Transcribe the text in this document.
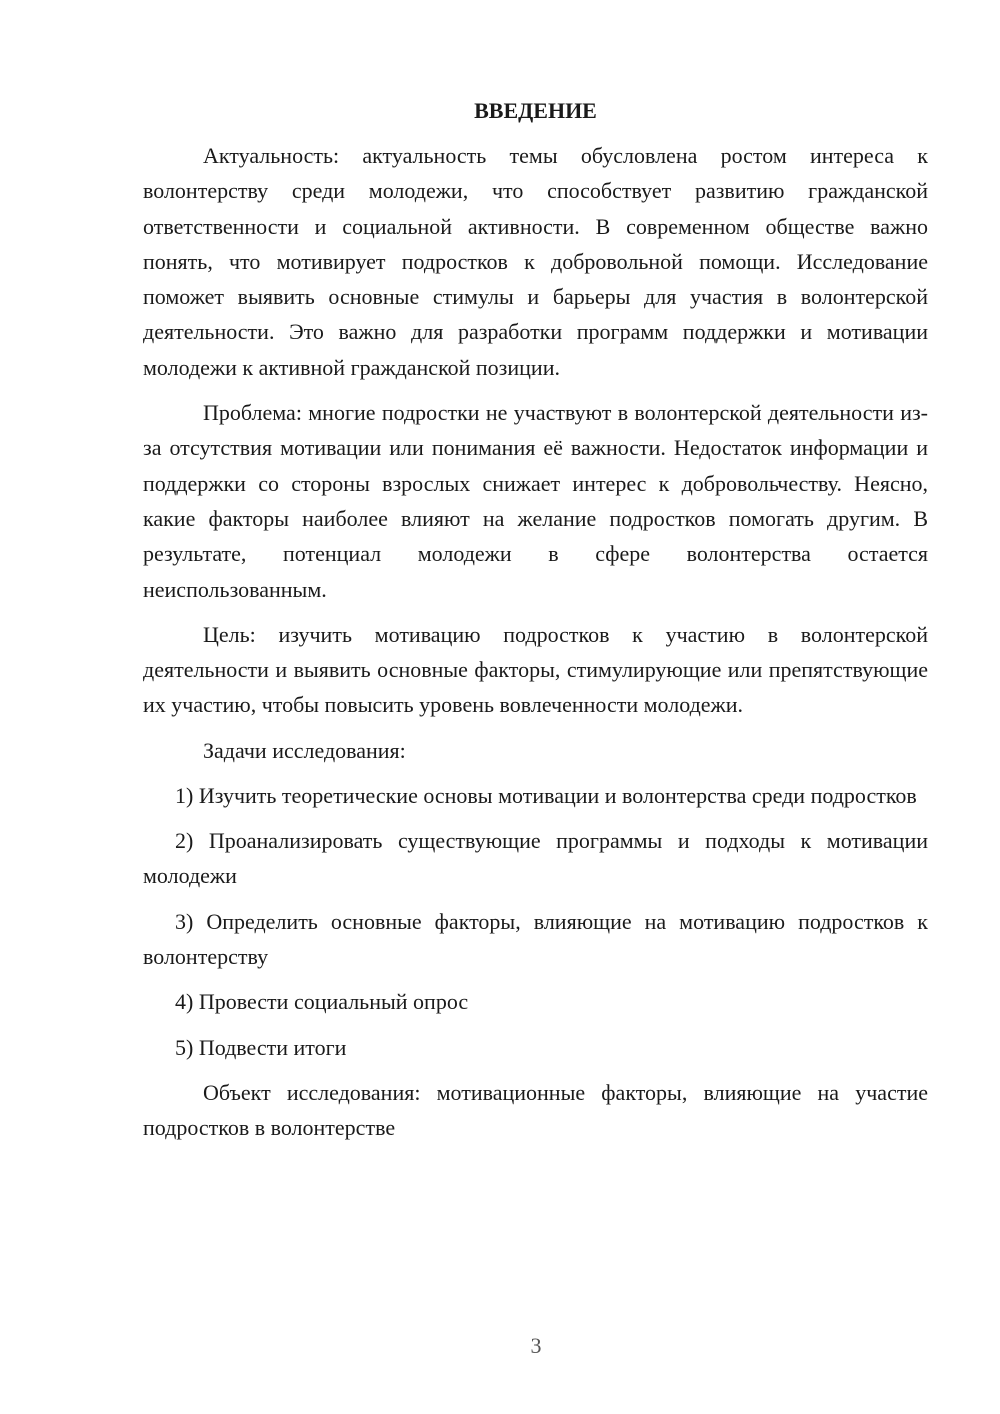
ВВЕДЕНИЕ

Актуальность: актуальность темы обусловлена ростом интереса к волонтерству среди молодежи, что способствует развитию гражданской ответственности и социальной активности. В современном обществе важно понять, что мотивирует подростков к добровольной помощи. Исследование поможет выявить основные стимулы и барьеры для участия в волонтерской деятельности. Это важно для разработки программ поддержки и мотивации молодежи к активной гражданской позиции.

Проблема: многие подростки не участвуют в волонтерской деятельности из-за отсутствия мотивации или понимания её важности. Недостаток информации и поддержки со стороны взрослых снижает интерес к добровольчеству. Неясно, какие факторы наиболее влияют на желание подростков помогать другим. В результате, потенциал молодежи в сфере волонтерства остается неиспользованным.

Цель: изучить мотивацию подростков к участию в волонтерской деятельности и выявить основные факторы, стимулирующие или препятствующие их участию, чтобы повысить уровень вовлеченности молодежи.

Задачи исследования:

1) Изучить теоретические основы мотивации и волонтерства среди подростков

2) Проанализировать существующие программы и подходы к мотивации молодежи

3) Определить основные факторы, влияющие на мотивацию подростков к волонтерству

4) Провести социальный опрос

5) Подвести итоги

Объект исследования: мотивационные факторы, влияющие на участие подростков в волонтерстве

3
